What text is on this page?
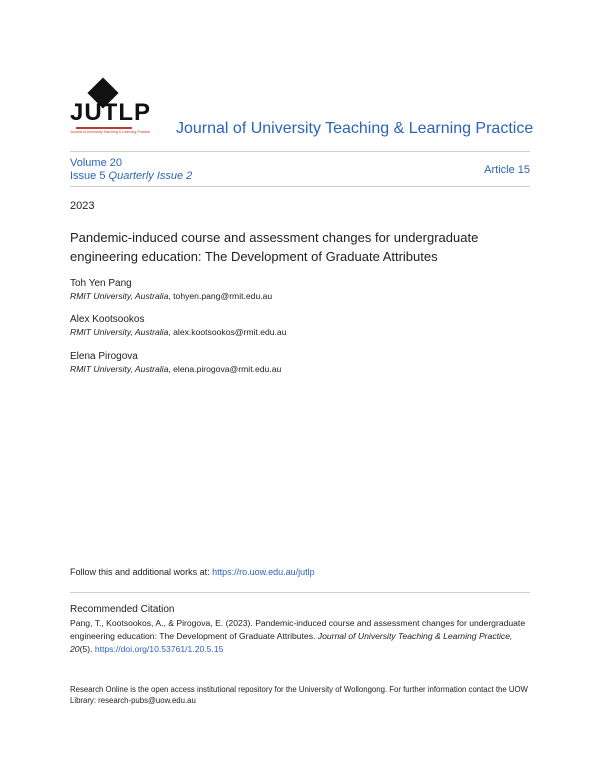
JUTLP
Journal of University Teaching & Learning Practice Journal of University Teaching & Learning Practice
Volume 20
Issue 5 Quarterly Issue 2	Article 15
2023
Pandemic-induced course and assessment changes for undergraduate
engineering education: The Development of Graduate Attributes
Toh Yen Pang
RMIT University, Australia, tohyen.pang@rmit.edu.au
Alex Kootsookos
RMIT University, Australia, alex.kootsookos@rmit.edu.au
Elena Pirogova
RMIT University, Australia, elena.pirogova@rmit.edu.au
Follow this and additional works at: https://ro.uow.edu.au/jutlp
Recommended Citation
Pang, T., Kootsookos, A., & Pirogova, E. (2023). Pandemic-induced course and assessment changes for undergraduate engineering education: The Development of Graduate Attributes. Journal of University Teaching & Learning Practice, 20(5). https://doi.org/10.53761/1.20.5.15
Research Online is the open access institutional repository for the University of Wollongong. For further information contact the UOW Library: research-pubs@uow.edu.au
